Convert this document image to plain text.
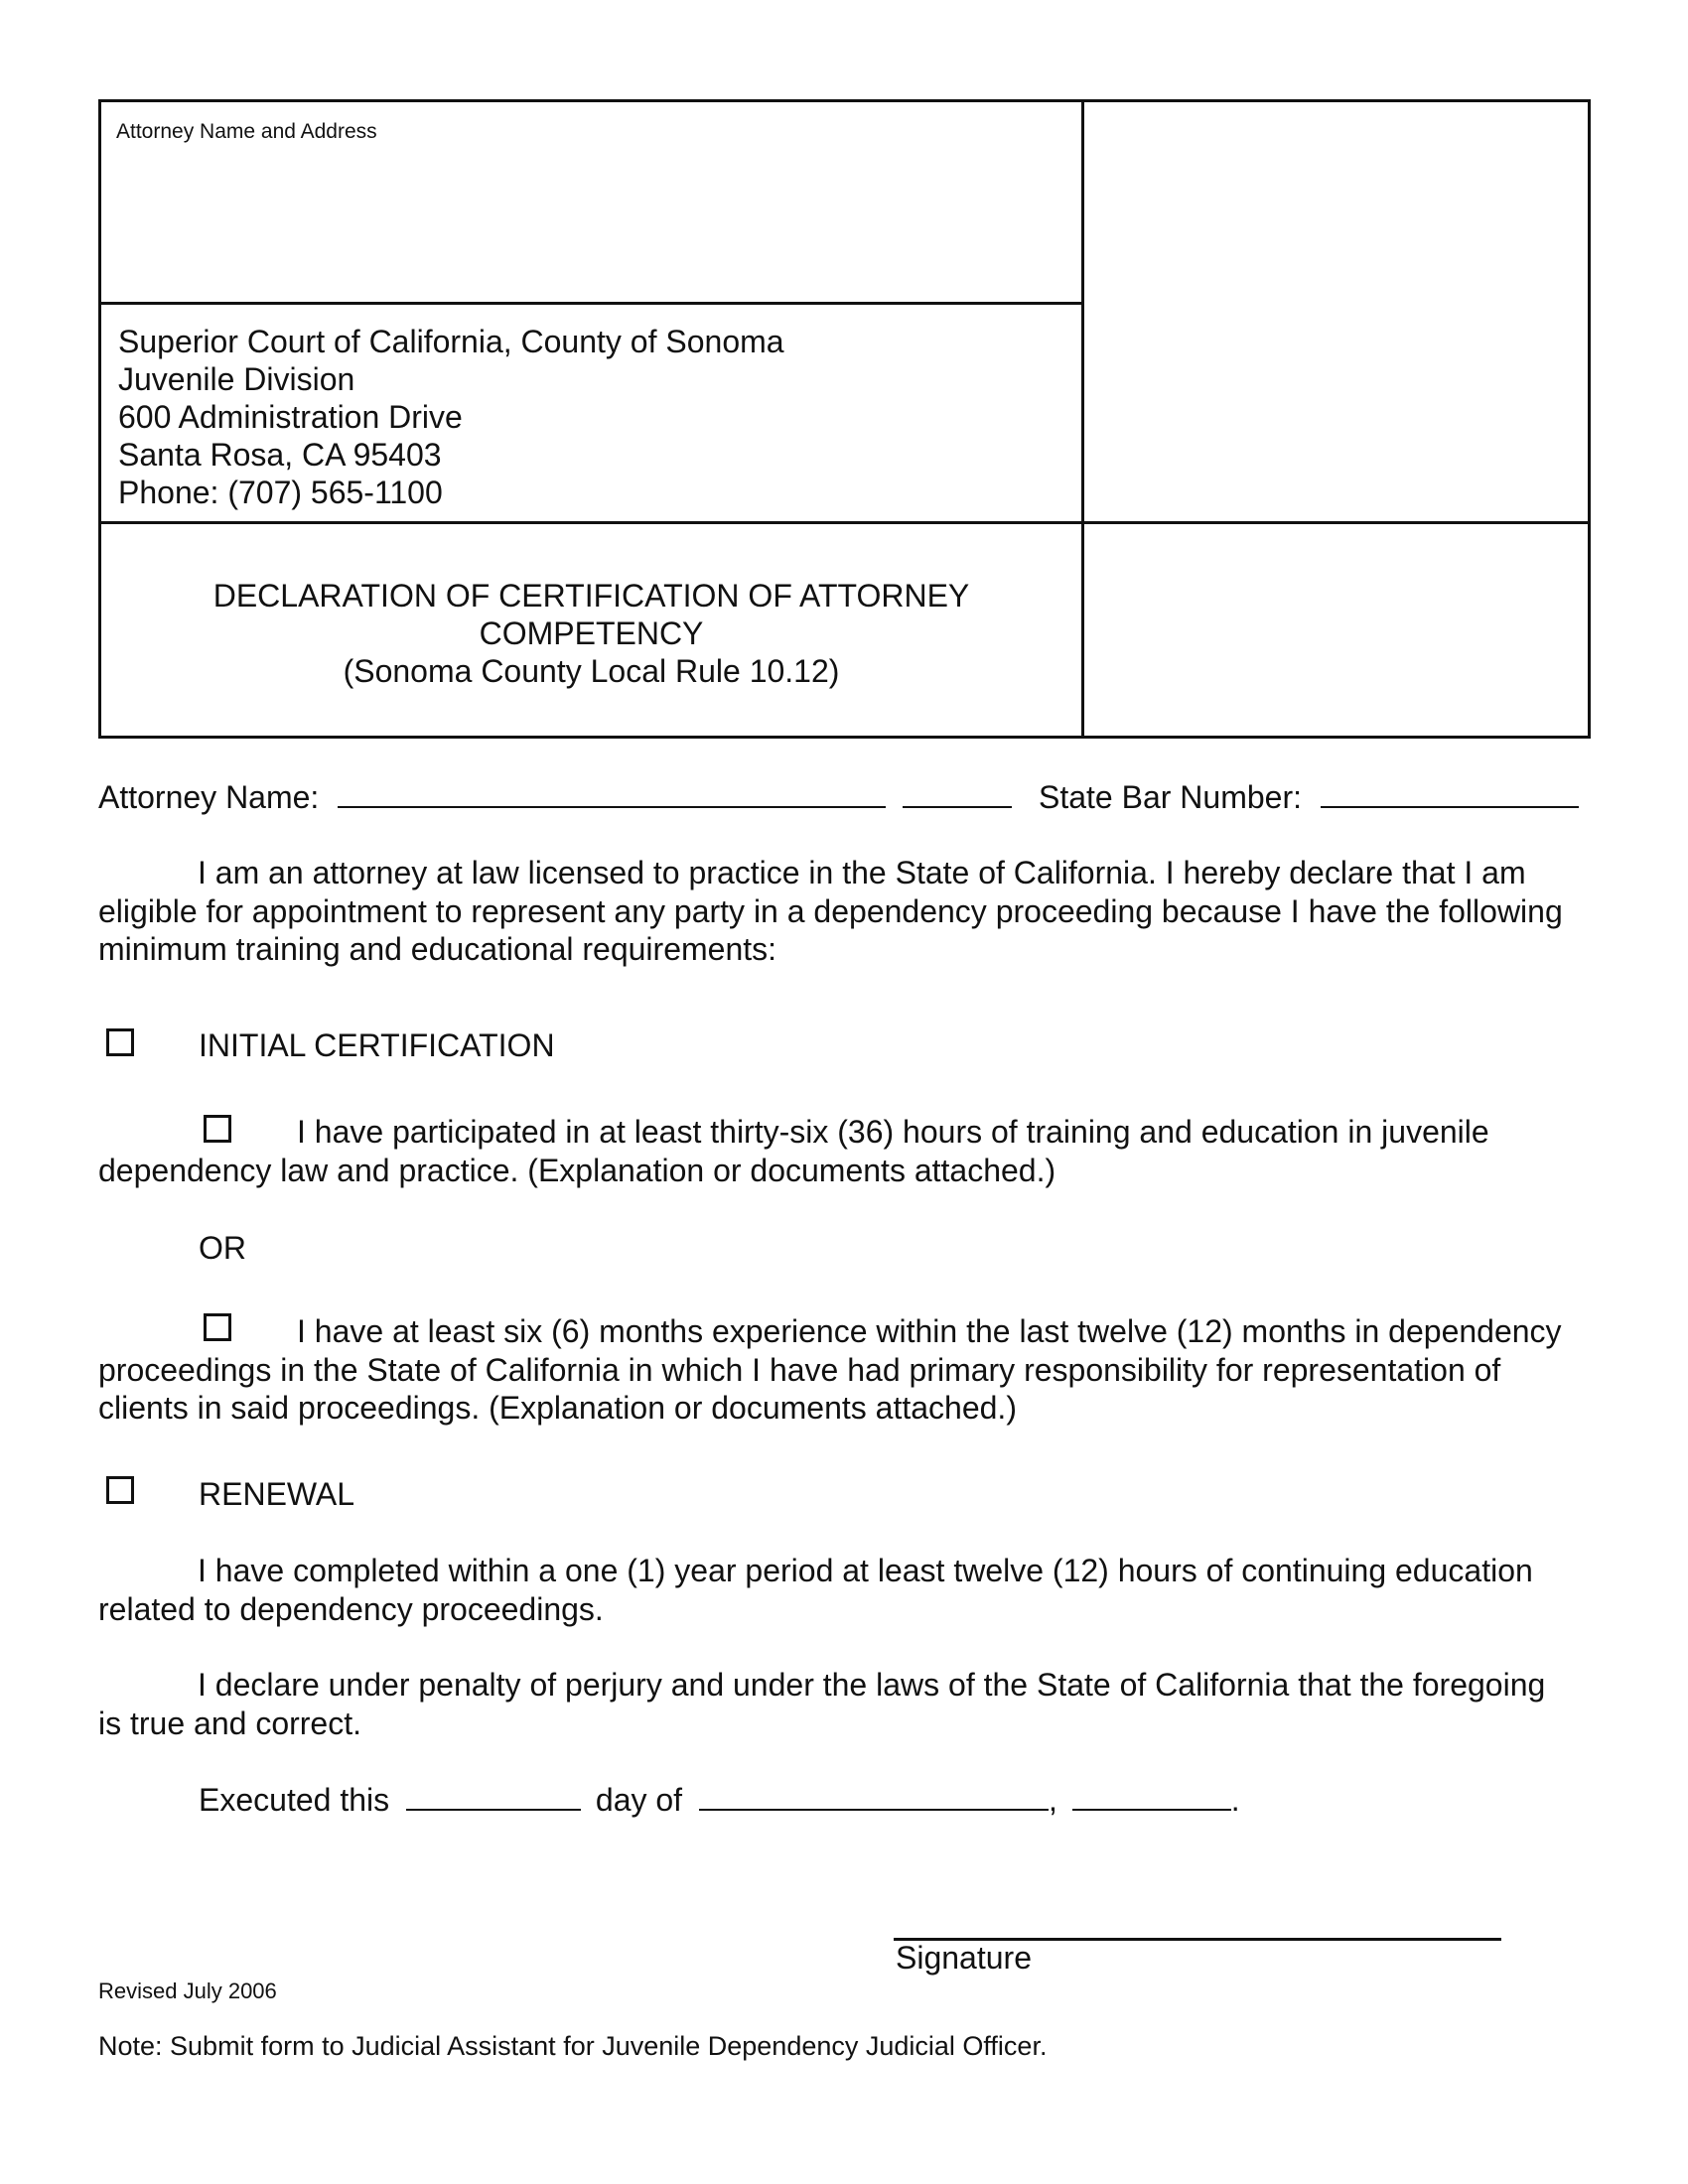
Attorney Name and Address
Superior Court of California, County of Sonoma
Juvenile Division
600 Administration Drive
Santa Rosa, CA 95403
Phone: (707) 565-1100
DECLARATION OF CERTIFICATION OF ATTORNEY
COMPETENCY
(Sonoma County Local Rule 10.12)
Attorney Name:	State Bar Number:
I am an attorney at law licensed to practice in the State of California. I hereby declare that I am eligible for appointment to represent any party in a dependency proceeding because I have the following minimum training and educational requirements:
INITIAL CERTIFICATION
I have participated in at least thirty-six (36) hours of training and education in juvenile dependency law and practice. (Explanation or documents attached.)
OR
I have at least six (6) months experience within the last twelve (12) months in dependency proceedings in the State of California in which I have had primary responsibility for representation of clients in said proceedings. (Explanation or documents attached.)
RENEWAL
I have completed within a one (1) year period at least twelve (12) hours of continuing education related to dependency proceedings.
I declare under penalty of perjury and under the laws of the State of California that the foregoing is true and correct.
Executed this	day of	,	.
Signature
Revised July 2006
Note: Submit form to Judicial Assistant for Juvenile Dependency Judicial Officer.
